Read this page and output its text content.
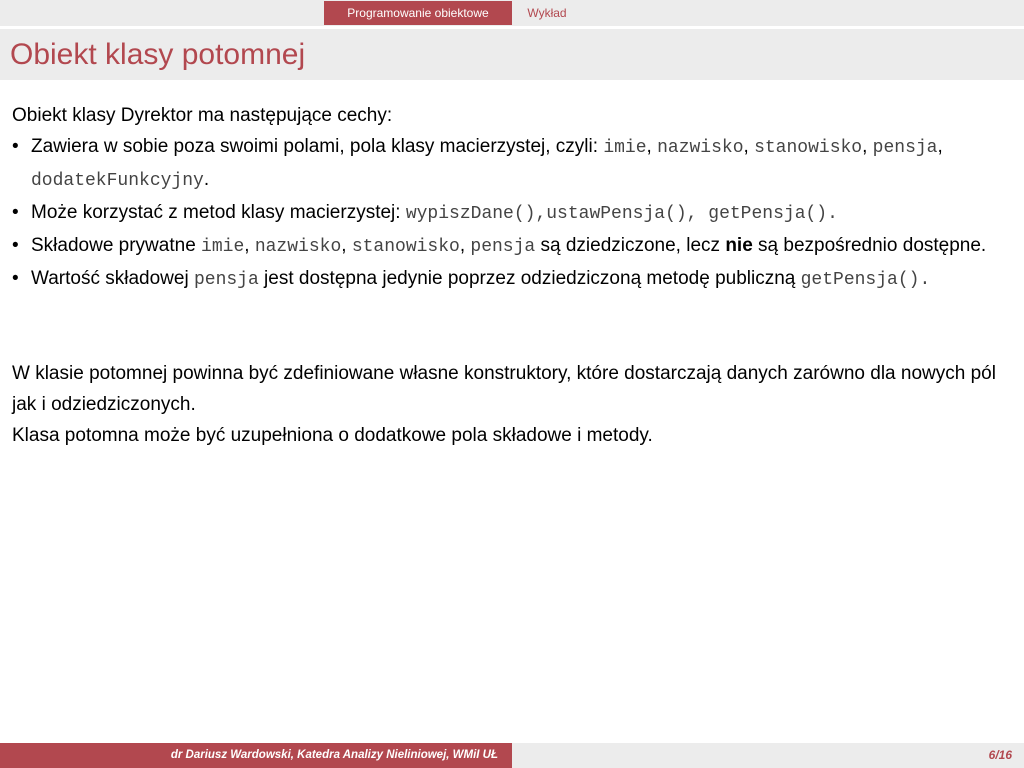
Programowanie obiektowe	Wykład
Obiekt klasy potomnej

Obiekt klasy Dyrektor ma następujące cechy:

• Zawiera w sobie poza swoimi polami, pola klasy macierzystej, czyli: imie, nazwisko, stanowisko, pensja, dodatekFunkcyjny.
• Może korzystać z metod klasy macierzystej: wypiszDane(),ustawPensja(), getPensja().
• Składowe prywatne imie, nazwisko, stanowisko, pensja są dziedziczone, lecz nie są bezpośrednio dostępne.
• Wartość składowej pensja jest dostępna jedynie poprzez odziedziczoną metodę publiczną getPensja().

W klasie potomnej powinna być zdefiniowane własne konstruktory, które dostarczają danych zarówno dla nowych pól jak i odziedziczonych.

Klasa potomna może być uzupełniona o dodatkowe pola składowe i metody.

dr Dariusz Wardowski, Katedra Analizy Nieliniowej, WMiI UŁ	6/16
